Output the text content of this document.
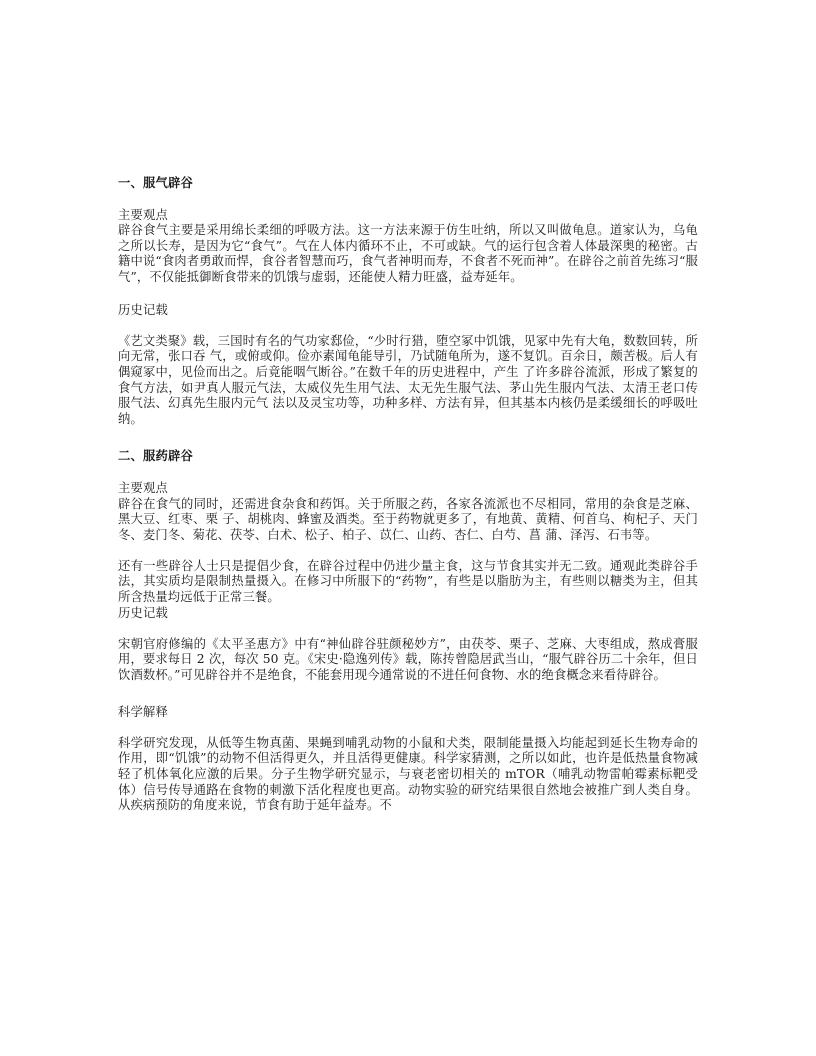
一、服气辟谷

主要观点

辟谷食气主要是采用绵长柔细的呼吸方法。这一方法来源于仿生吐纳，所以又叫做龟息。道家认为，乌龟之所以长寿，是因为它“食气”。气在人体内循环不止，不可或缺。气的运行包含着人体最深奥的秘密。古籍中说“食肉者勇敢而悍，食谷者智慧而巧，食气者神明而寿，不食者不死而神”。在辟谷之前首先练习“服气”，不仅能抵御断食带来的饥饿与虚弱，还能使人精力旺盛，益寿延年。

历史记载

《艺文类聚》载，三国时有名的气功家郄俭，“少时行猎，堕空冢中饥饿，见冢中先有大龟，数数回转，所向无常，张口吞 气，或俯或仰。俭亦素闻龟能导引，乃试随龟所为，遂不复饥。百余日，颇苦极。后人有偶窥冢中，见俭而出之。后竟能咽气断谷。”在数千年的历史进程中，产生 了许多辟谷流派，形成了繁复的食气方法，如尹真人服元气法，太威仪先生用气法、太无先生服气法、茅山先生服内气法、太清王老口传服气法、幻真先生服内元气 法以及灵宝功等，功种多样、方法有异，但其基本内核仍是柔缓细长的呼吸吐纳。

二、服药辟谷

主要观点

辟谷在食气的同时，还需进食杂食和药饵。关于所服之药，各家各流派也不尽相同，常用的杂食是芝麻、黑大豆、红枣、栗 子、胡桃肉、蜂蜜及酒类。至于药物就更多了，有地黄、黄精、何首乌、枸杞子、天门冬、麦门冬、菊花、茯苓、白术、松子、柏子、苡仁、山药、杏仁、白芍、菖 蒲、泽泻、石韦等。

还有一些辟谷人士只是提倡少食，在辟谷过程中仍进少量主食，这与节食其实并无二致。通观此类辟谷手法，其实质均是限制热量摄入。在修习中所服下的“药物”，有些是以脂肪为主，有些则以糖类为主，但其所含热量均远低于正常三餐。

历史记载

宋朝官府修编的《太平圣惠方》中有“神仙辟谷驻颜秘妙方”，由茯苓、栗子、芝麻、大枣组成，熬成膏服用，要求每日 2 次，每次 50 克。《宋史·隐逸列传》载，陈抟曾隐居武当山，“服气辟谷历二十余年，但日饮酒数杯。”可见辟谷并不是绝食，不能套用现今通常说的不进任何食物、水的绝食概念来看待辟谷。

科学解释

科学研究发现，从低等生物真菌、果蝇到哺乳动物的小鼠和犬类，限制能量摄入均能起到延长生物寿命的作用，即“饥饿”的动物不但活得更久，并且活得更健康。科学家猜测，之所以如此，也许是低热量食物减轻了机体氧化应激的后果。分子生物学研究显示，与衰老密切相关的 mTOR（哺乳动物雷帕霉素标靶受体）信号传导通路在食物的刺激下活化程度也更高。动物实验的研究结果很自然地会被推广到人类自身。从疾病预防的角度来说，节食有助于延年益寿。不
